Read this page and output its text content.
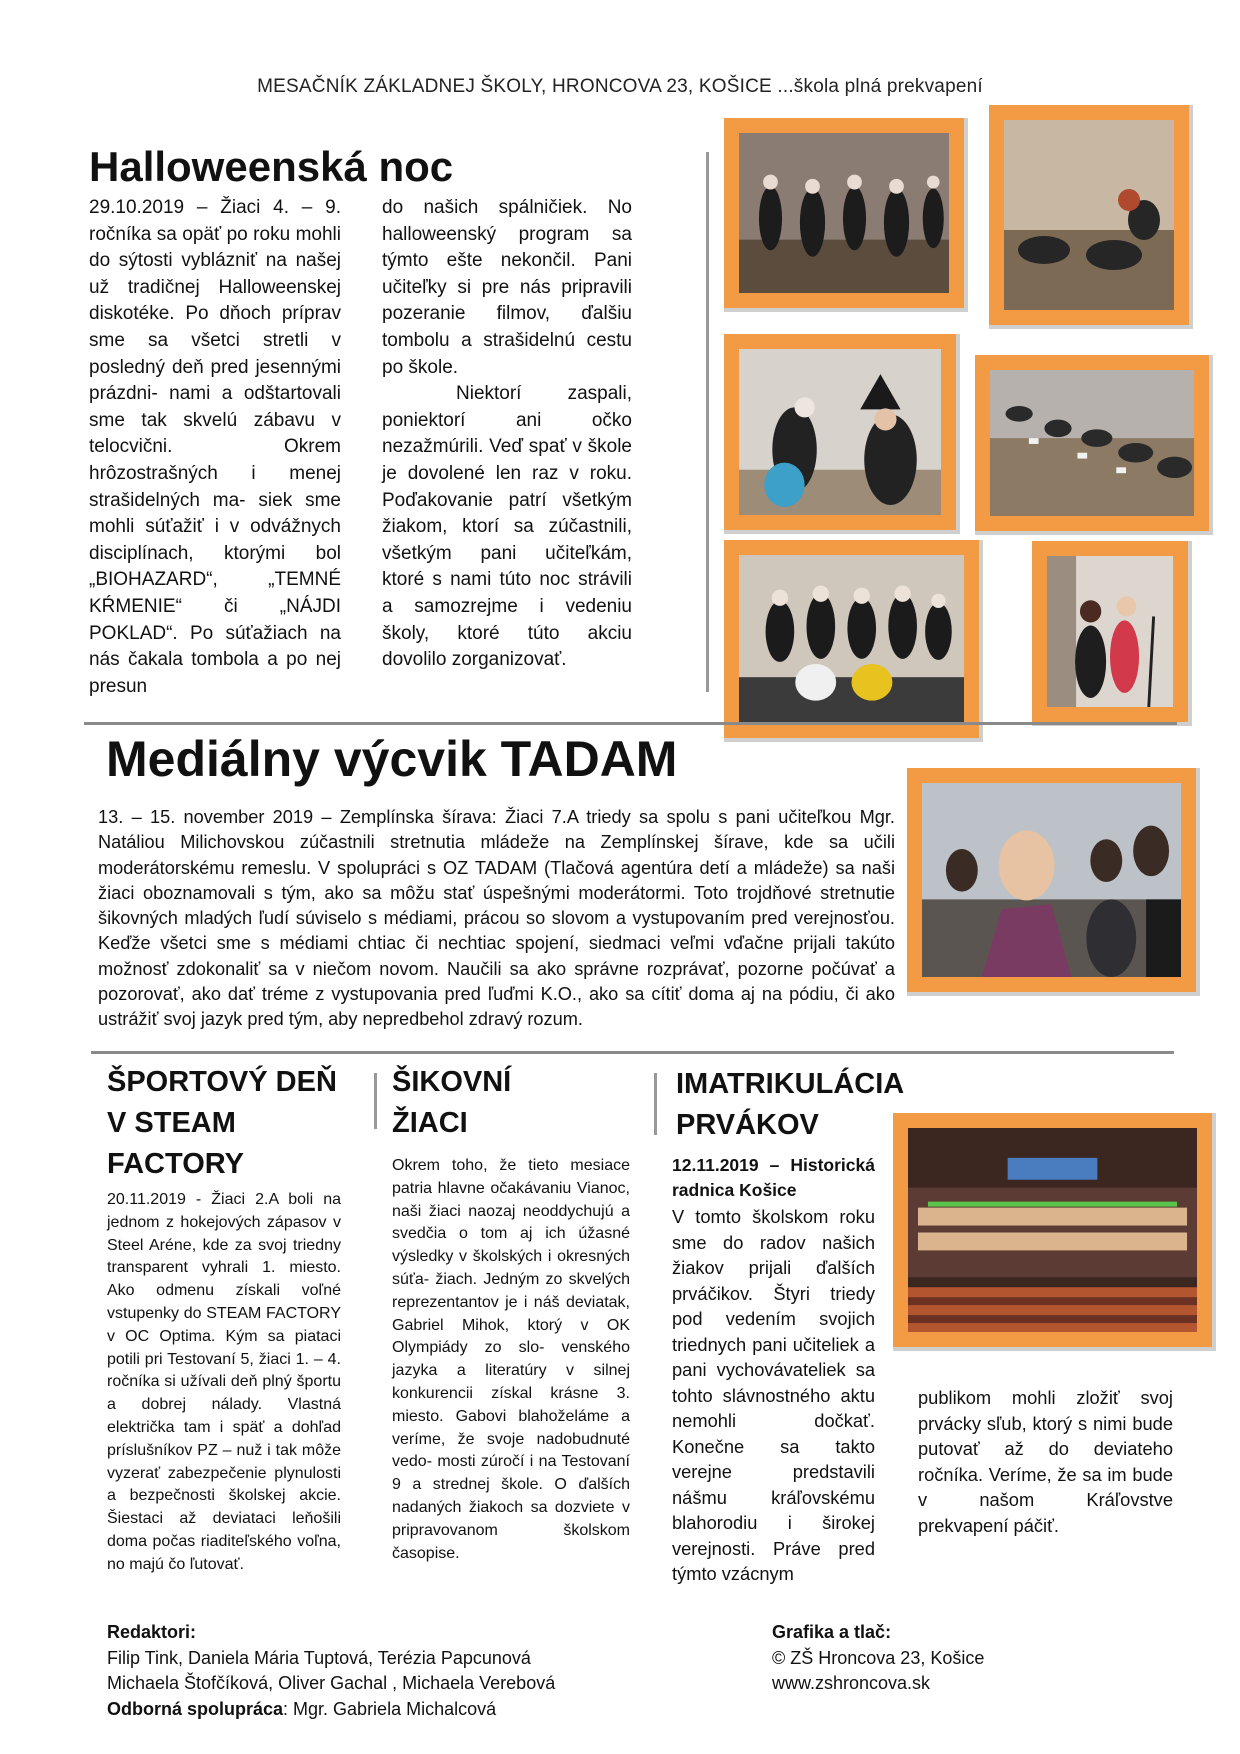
MESAČNÍK ZÁKLADNEJ ŠKOLY, HRONCOVA 23, KOŠICE ...škola plná prekvapení
Halloweenská noc
29.10.2019 – Žiaci 4. – 9. ročníka sa opäť po roku mohli do sýtosti vyblázniť na našej už tradičnej Halloweenskej diskotéke. Po dňoch príprav sme sa všetci stretli v posledný deň pred jesennými prázdni- nami a odštartovali sme tak skvelú zábavu v telocvični. Okrem hrôzostrašných i menej strašidelných ma- siek sme mohli súťažiť i v odvážnych disciplínach, ktorými bol „BIOHAZARD“, „TEMNÉ KŔMENIE“ či „NÁJDI POKLAD“. Po súťažiach na nás čakala tombola a po nej presun
do našich spálničiek. No halloweenský program sa týmto ešte nekončil. Pani učiteľky si pre nás pripravili pozeranie filmov, ďalšiu tombolu a strašidelnú cestu po škole.
Niektorí zaspali, poniektorí ani očko nezažmúrili. Veď spať v škole je dovolené len raz v roku. Poďakovanie patrí všetkým žiakom, ktorí sa zúčastnili, všetkým pani učiteľkám, ktoré s nami túto noc strávili a samozrejme i vedeniu školy, ktoré túto akciu dovolilo zorganizovať.
Mediálny výcvik TADAM
13. – 15. november 2019 – Zemplínska šírava: Žiaci 7.A triedy sa spolu s pani učiteľkou Mgr. Natáliou Milichovskou zúčastnili stretnutia mládeže na Zemplínskej šírave, kde sa učili moderátorskému remeslu. V spolupráci s OZ TADAM (Tlačová agentúra detí a mládeže) sa naši žiaci oboznamovali s tým, ako sa môžu stať úspešnými moderátormi. Toto trojdňové stretnutie šikovných mladých ľudí súviselo s médiami, prácou so slovom a vystupovaním pred verejnosťou. Keďže všetci sme s médiami chtiac či nechtiac spojení, siedmaci veľmi vďačne prijali takúto možnosť zdokonaliť sa v niečom novom. Naučili sa ako správne rozprávať, pozorne počúvať a pozorovať, ako dať tréme z vystupovania pred ľuďmi K.O., ako sa cítiť doma aj na pódiu, či ako ustrážiť svoj jazyk pred tým, aby nepredbehol zdravý rozum.
ŠPORTOVÝ DEŇ
V STEAM
FACTORY
20.11.2019 - Žiaci 2.A boli na jednom z hokejových zápasov v Steel Aréne, kde za svoj triedny transparent vyhrali 1. miesto. Ako odmenu získali voľné vstupenky do STEAM FACTORY v OC Optima. Kým sa piataci potili pri Testovaní 5, žiaci 1. – 4. ročníka si užívali deň plný športu a dobrej nálady. Vlastná električka tam i späť a dohľad príslušníkov PZ – nuž i tak môže vyzerať zabezpečenie plynulosti a bezpečnosti školskej akcie. Šiestaci až deviataci leňošili doma počas riaditeľského voľna, no majú čo ľutovať.
ŠIKOVNÍ
ŽIACI
Okrem toho, že tieto mesiace patria hlavne očakávaniu Vianoc, naši žiaci naozaj neoddychujú a svedčia o tom aj ich úžasné výsledky v školských i okresných súťa- žiach. Jedným zo skvelých reprezentantov je i náš deviatak, Gabriel Mihok, ktorý v OK Olympiády zo slo- venského jazyka a literatúry v silnej konkurencii získal krásne 3. miesto. Gabovi blahoželáme a veríme, že svoje nadobudnuté vedo- mosti zúročí i na Testovaní 9 a strednej škole. O ďalších nadaných žiakoch sa dozviete v pripravovanom školskom časopise.
IMATRIKULÁCIA
PRVÁKOV
12.11.2019 – Historická radnica Košice
V tomto školskom roku sme do radov našich žiakov prijali ďalších prváčikov. Štyri triedy pod vedením svojich triednych pani učiteliek a pani vychovávateliek sa tohto slávnostného aktu nemohli dočkať. Konečne sa takto verejne predstavili nášmu kráľovskému blahorodiu i širokej verejnosti. Práve pred týmto vzácnym
publikom mohli zložiť svoj prvácky sľub, ktorý s nimi bude putovať až do deviateho ročníka. Veríme, že sa im bude v našom Kráľovstve prekvapení páčiť.
Redaktori:
Filip Tink, Daniela Mária Tuptová, Terézia Papcunová
Michaela Štofčíková, Oliver Gachal , Michaela Verebová
Odborná spolupráca: Mgr. Gabriela Michalcová
Grafika a tlač:
© ZŠ Hroncova 23, Košice
www.zshroncova.sk
